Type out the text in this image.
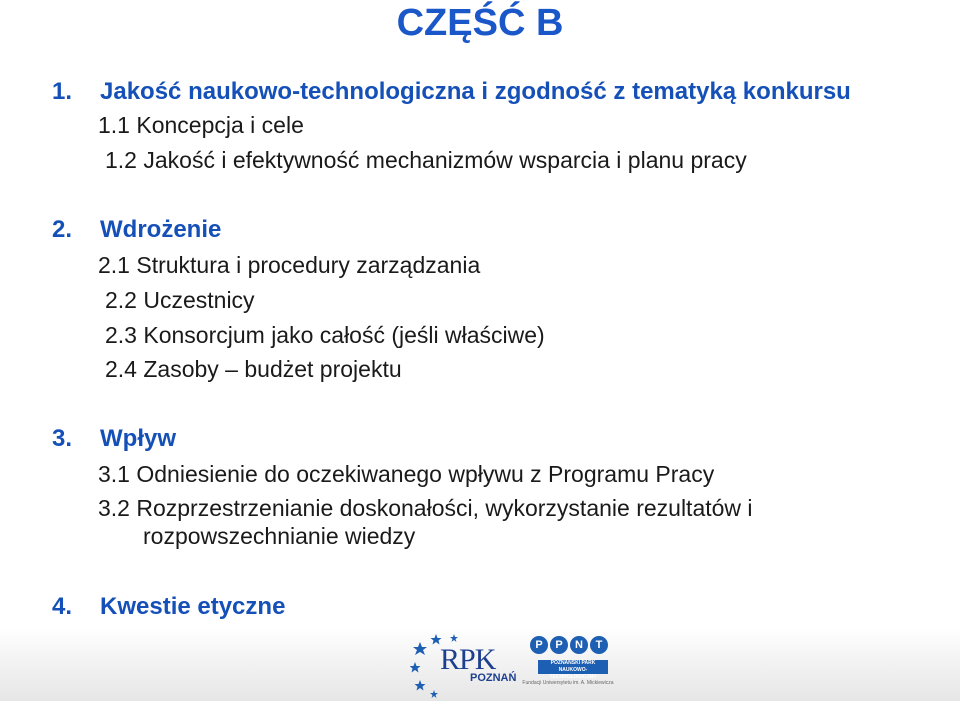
CZĘŚĆ B
1. Jakość naukowo-technologiczna i zgodność z tematyką konkursu
1.1 Koncepcja i cele
1.2 Jakość i efektywność mechanizmów wsparcia i planu pracy
2. Wdrożenie
2.1 Struktura i procedury zarządzania
2.2 Uczestnicy
2.3 Konsorcjum jako całość (jeśli właściwe)
2.4 Zasoby – budżet projektu
3. Wpływ
3.1 Odniesienie do oczekiwanego wpływu z Programu Pracy
3.2 Rozprzestrzenianie doskonałości, wykorzystanie rezultatów i
rozpowszechnianie wiedzy
4. Kwestie etyczne
RPK
POZNAŃ
P	P	N	T
POZNAŃSKI PARK NAUKOWO-TECHNOLOGICZNY
Fundacji Uniwersytetu im. A. Mickiewicza
